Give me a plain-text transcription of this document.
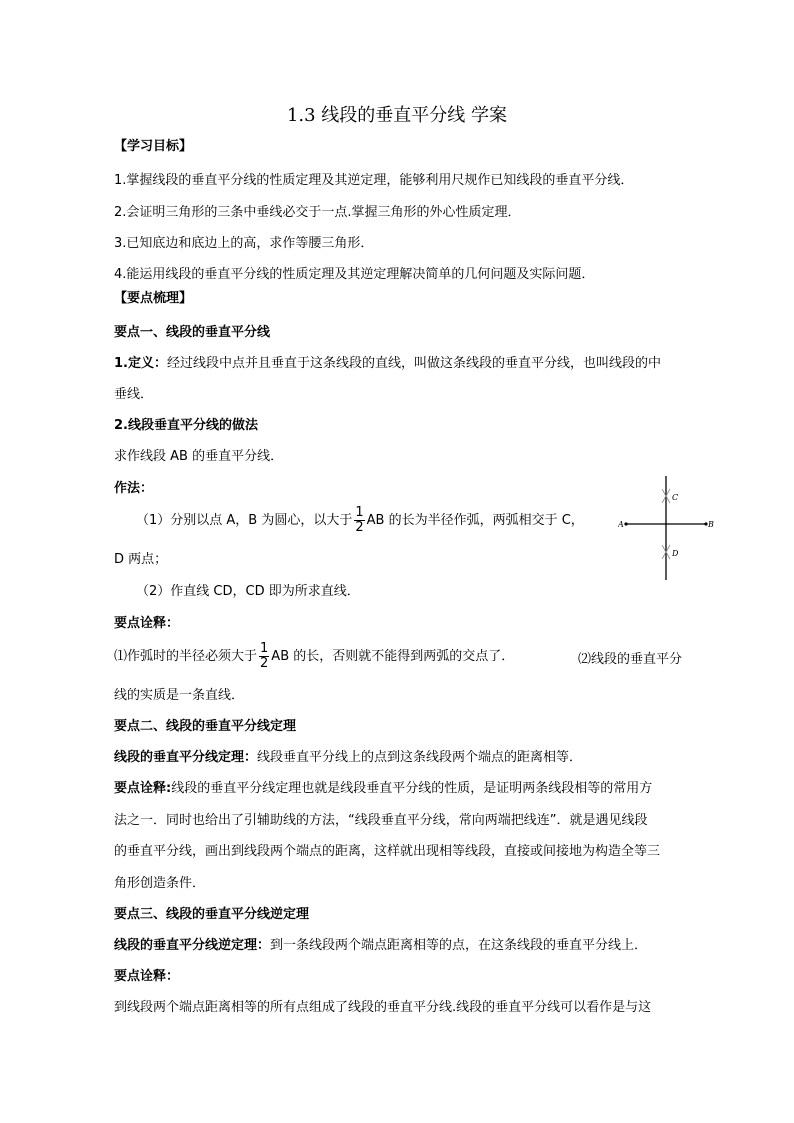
1.3 线段的垂直平分线 学案
【学习目标】
1.掌握线段的垂直平分线的性质定理及其逆定理，能够利用尺规作已知线段的垂直平分线．
2.会证明三角形的三条中垂线必交于一点.掌握三角形的外心性质定理．
3.已知底边和底边上的高，求作等腰三角形．
4.能运用线段的垂直平分线的性质定理及其逆定理解决简单的几何问题及实际问题．
【要点梳理】
要点一、线段的垂直平分线
1.定义：经过线段中点并且垂直于这条线段的直线，叫做这条线段的垂直平分线，也叫线段的中
垂线．
2.线段垂直平分线的做法
求作线段 AB 的垂直平分线．
作法：
（1）分别以点 A，B 为圆心，以大于 $\frac{1}{2}$ AB 的长为半径作弧，两弧相交于 C，
D 两点；
（2）作直线 CD，CD 即为所求直线．
A	B
C
D
要点诠释：
⑴作弧时的半径必须大于 $\frac{1}{2}$ AB 的长，否则就不能得到两弧的交点了．	⑵线段的垂直平分
线的实质是一条直线．
要点二、线段的垂直平分线定理
线段的垂直平分线定理：线段垂直平分线上的点到这条线段两个端点的距离相等．
要点诠释:线段的垂直平分线定理也就是线段垂直平分线的性质，是证明两条线段相等的常用方
法之一．同时也给出了引辅助线的方法，“线段垂直平分线，常向两端把线连”．就是遇见线段
的垂直平分线，画出到线段两个端点的距离，这样就出现相等线段，直接或间接地为构造全等三
角形创造条件．
要点三、线段的垂直平分线逆定理
线段的垂直平分线逆定理：到一条线段两个端点距离相等的点，在这条线段的垂直平分线上．
要点诠释：
到线段两个端点距离相等的所有点组成了线段的垂直平分线.线段的垂直平分线可以看作是与这
